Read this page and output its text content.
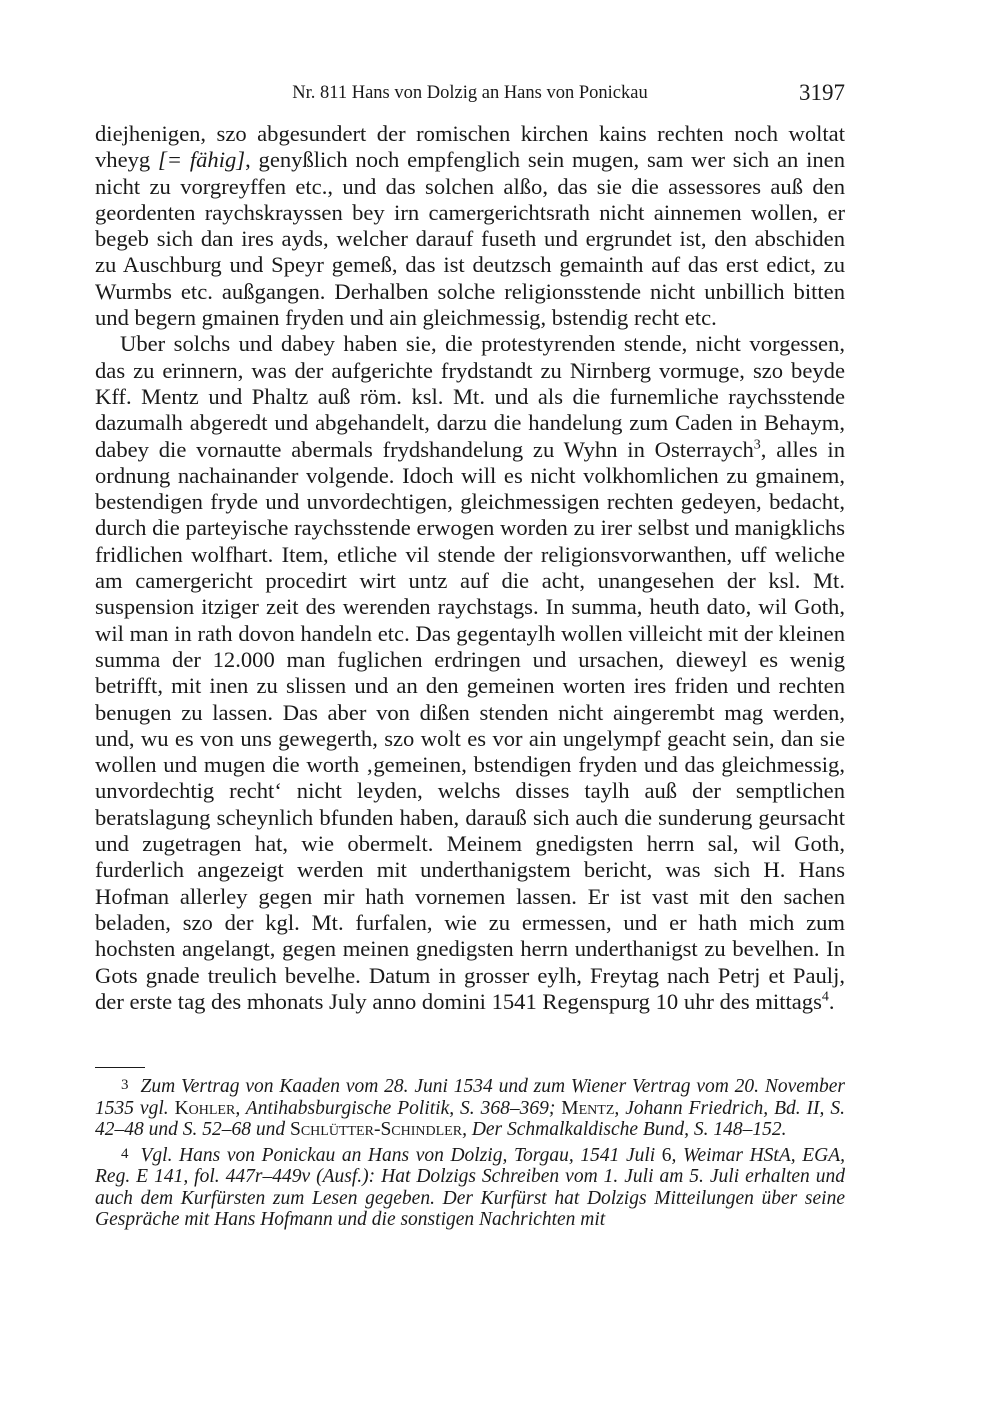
Nr. 811 Hans von Dolzig an Hans von Ponickau	3197

diejhenigen, szo abgesundert der romischen kirchen kains rechten noch woltat vheyg [= fähig], genyßlich noch empfenglich sein mugen, sam wer sich an inen nicht zu vorgreyffen etc., und das solchen alßo, das sie die assessores auß den geordenten raychskrayssen bey irn camergerichtsrath nicht ainnemen wollen, er begeb sich dan ires ayds, welcher darauf fuseth und ergrundet ist, den abschiden zu Auschburg und Speyr gemeß, das ist deutzsch gemainth auf das erst edict, zu Wurmbs etc. außgangen. Derhalben solche religionsstende nicht unbillich bitten und begern gmainen fryden und ain gleichmessig, bstendig recht etc.

Uber solchs und dabey haben sie, die protestyrenden stende, nicht vorgessen, das zu erinnern, was der aufgerichte frydstandt zu Nirnberg vormuge, szo beyde Kff. Mentz und Phaltz auß röm. ksl. Mt. und als die furnemliche raychsstende dazumalh abgeredt und abgehandelt, darzu die handelung zum Caden in Behaym, dabey die vornautte abermals frydshandelung zu Wyhn in Osterraych$^3$, alles in ordnung nachainander volgende. Idoch will es nicht volkhomlichen zu gmainem, bestendigen fryde und unvordechtigen, gleichmessigen rechten gedeyen, bedacht, durch die parteyische raychsstende erwogen worden zu irer selbst und manigklichs fridlichen wolfhart. Item, etliche vil stende der religionsvorwanthen, uff weliche am camergericht procedirt wirt untz auf die acht, unangesehen der ksl. Mt. suspension itziger zeit des werenden raychstags. In summa, heuth dato, wil Goth, wil man in rath dovon handeln etc. Das gegentaylh wollen villeicht mit der kleinen summa der 12.000 man fuglichen erdringen und ursachen, dieweyl es wenig betrifft, mit inen zu slissen und an den gemeinen worten ires friden und rechten benugen zu lassen. Das aber von dißen stenden nicht aingerembt mag werden, und, wu es von uns gewegerth, szo wolt es vor ain ungelympf geacht sein, dan sie wollen und mugen die worth ‚gemeinen, bstendigen fryden und das gleichmessig, unvordechtig recht‘ nicht leyden, welchs disses taylh auß der semptlichen beratslagung scheynlich bfunden haben, darauß sich auch die sunderung geursacht und zugetragen hat, wie obermelt. Meinem gnedigsten herrn sal, wil Goth, furderlich angezeigt werden mit underthanigstem bericht, was sich H. Hans Hofman allerley gegen mir hath vornemen lassen. Er ist vast mit den sachen beladen, szo der kgl. Mt. furfalen, wie zu ermessen, und er hath mich zum hochsten angelangt, gegen meinen gnedigsten herrn underthanigst zu bevelhen. In Gots gnade treulich bevelhe. Datum in grosser eylh, Freytag nach Petrj et Paulj, der erste tag des mhonats July anno domini 1541 Regenspurg 10 uhr des mittags$^4$.

3 Zum Vertrag von Kaaden vom 28. Juni 1534 und zum Wiener Vertrag vom 20. November 1535 vgl. Kohler, Antihabsburgische Politik, S. 368–369; Mentz, Johann Friedrich, Bd. II, S. 42–48 und S. 52–68 und Schlütter-Schindler, Der Schmalkaldische Bund, S. 148–152.

4 Vgl. Hans von Ponickau an Hans von Dolzig, Torgau, 1541 Juli 6, Weimar HStA, EGA, Reg. E 141, fol. 447r–449v (Ausf.): Hat Dolzigs Schreiben vom 1. Juli am 5. Juli erhalten und auch dem Kurfürsten zum Lesen gegeben. Der Kurfürst hat Dolzigs Mitteilungen über seine Gespräche mit Hans Hofmann und die sonstigen Nachrichten mit
